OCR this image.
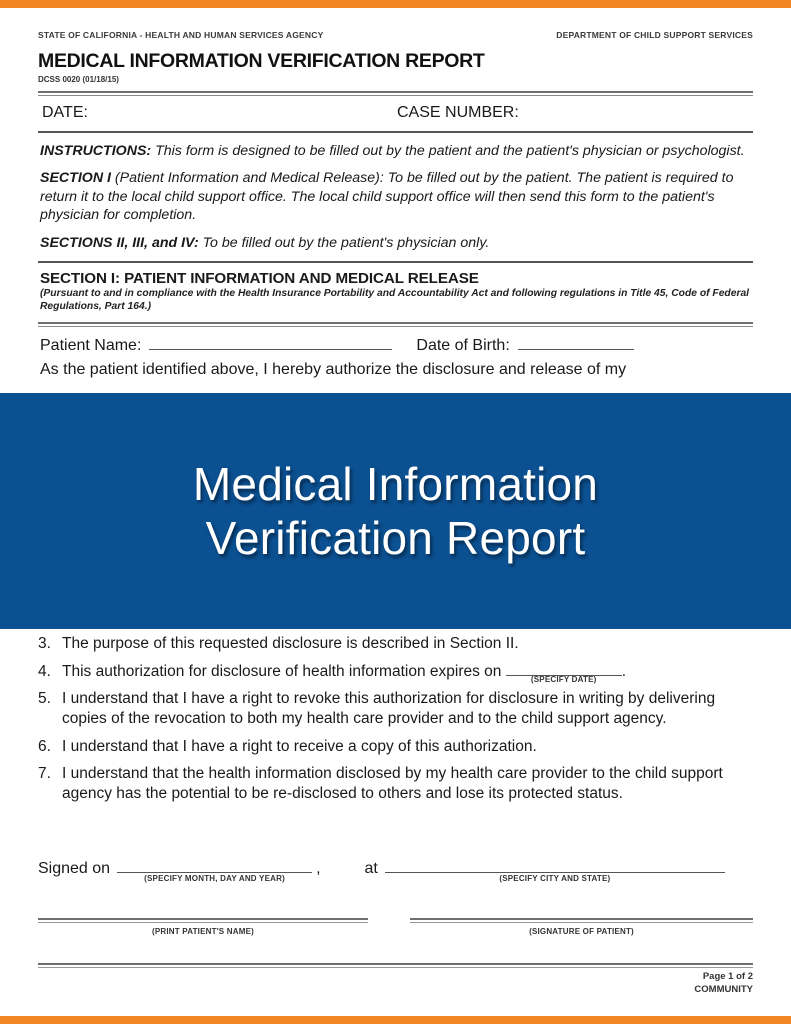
STATE OF CALIFORNIA - HEALTH AND HUMAN SERVICES AGENCY	DEPARTMENT OF CHILD SUPPORT SERVICES
MEDICAL INFORMATION VERIFICATION REPORT
DCSS 0020 (01/18/15)
DATE:	CASE NUMBER:
INSTRUCTIONS: This form is designed to be filled out by the patient and the patient's physician or psychologist.
SECTION I (Patient Information and Medical Release): To be filled out by the patient. The patient is required to return it to the local child support office. The local child support office will then send this form to the patient's physician for completion.
SECTIONS II, III, and IV: To be filled out by the patient's physician only.
SECTION I: PATIENT INFORMATION AND MEDICAL RELEASE
(Pursuant to and in compliance with the Health Insurance Portability and Accountability Act and following regulations in Title 45, Code of Federal Regulations, Part 164.)
Patient Name:	Date of Birth:
As the patient identified above, I hereby authorize the disclosure and release of my
Medical Information
Verification Report
3. The purpose of this requested disclosure is described in Section II.
4. This authorization for disclosure of health information expires on	(SPECIFY DATE)	.
5. I understand that I have a right to revoke this authorization for disclosure in writing by delivering copies of the revocation to both my health care provider and to the child support agency.
6. I understand that I have a right to receive a copy of this authorization.
7. I understand that the health information disclosed by my health care provider to the child support agency has the potential to be re-disclosed to others and lose its protected status.
Signed on
(SPECIFY MONTH, DAY AND YEAR)
,	at
(SPECIFY CITY AND STATE)
(PRINT PATIENT'S NAME)	(SIGNATURE OF PATIENT)
Page 1 of 2
COMMUNITY
